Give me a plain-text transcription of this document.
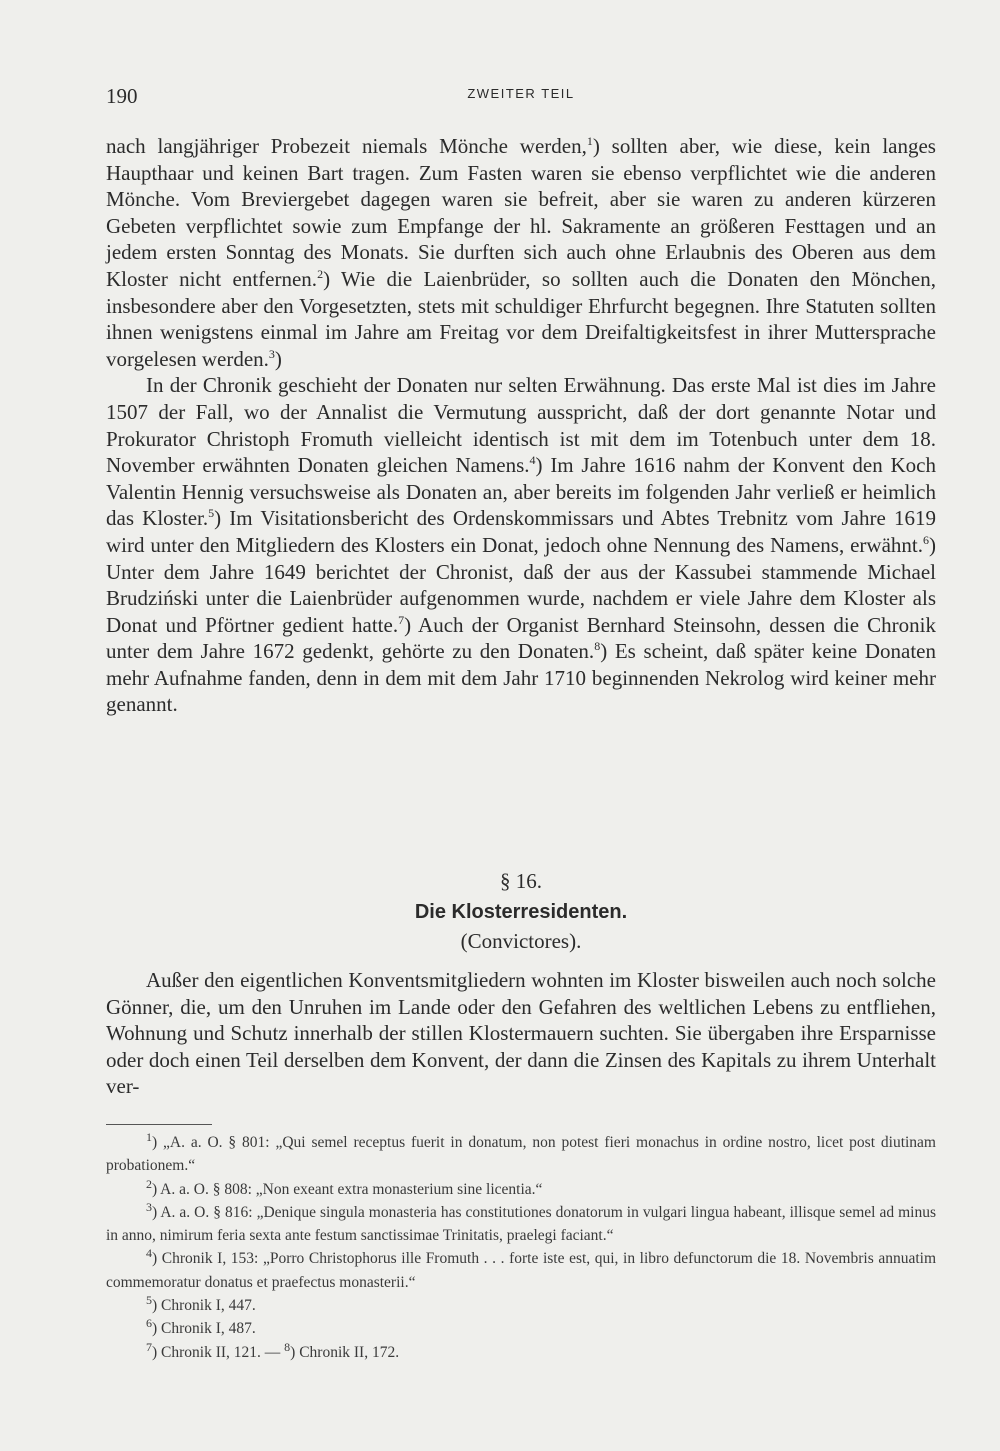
190	ZWEITER TEIL

nach langjähriger Probezeit niemals Mönche werden,$^1$) sollten aber, wie diese, kein langes Haupthaar und keinen Bart tragen. Zum Fasten waren sie ebenso verpflichtet wie die anderen Mönche. Vom Breviergebet dagegen waren sie befreit, aber sie waren zu anderen kürzeren Gebeten verpflichtet sowie zum Empfange der hl. Sakramente an größeren Festtagen und an jedem ersten Sonntag des Monats. Sie durften sich auch ohne Erlaubnis des Oberen aus dem Kloster nicht entfernen.$^2$) Wie die Laienbrüder, so sollten auch die Donaten den Mönchen, insbesondere aber den Vorgesetzten, stets mit schuldiger Ehrfurcht begegnen. Ihre Statuten sollten ihnen wenigstens einmal im Jahre am Freitag vor dem Dreifaltigkeitsfest in ihrer Muttersprache vorgelesen werden.$^3$)

In der Chronik geschieht der Donaten nur selten Erwähnung. Das erste Mal ist dies im Jahre 1507 der Fall, wo der Annalist die Vermutung ausspricht, daß der dort genannte Notar und Prokurator Christoph Fromuth vielleicht identisch ist mit dem im Totenbuch unter dem 18. November erwähnten Donaten gleichen Namens.$^4$) Im Jahre 1616 nahm der Konvent den Koch Valentin Hennig versuchsweise als Donaten an, aber bereits im folgenden Jahr verließ er heimlich das Kloster.$^5$) Im Visitationsbericht des Ordenskommissars und Abtes Trebnitz vom Jahre 1619 wird unter den Mitgliedern des Klosters ein Donat, jedoch ohne Nennung des Namens, erwähnt.$^6$) Unter dem Jahre 1649 berichtet der Chronist, daß der aus der Kassubei stammende Michael Brudziński unter die Laienbrüder aufgenommen wurde, nachdem er viele Jahre dem Kloster als Donat und Pförtner gedient hatte.$^7$) Auch der Organist Bernhard Steinsohn, dessen die Chronik unter dem Jahre 1672 gedenkt, gehörte zu den Donaten.$^8$) Es scheint, daß später keine Donaten mehr Aufnahme fanden, denn in dem mit dem Jahr 1710 beginnenden Nekrolog wird keiner mehr genannt.

§ 16.

Die Klosterresidenten.

(Convictores).

Außer den eigentlichen Konventsmitgliedern wohnten im Kloster bisweilen auch noch solche Gönner, die, um den Unruhen im Lande oder den Gefahren des weltlichen Lebens zu entfliehen, Wohnung und Schutz innerhalb der stillen Klostermauern suchten. Sie übergaben ihre Ersparnisse oder doch einen Teil derselben dem Konvent, der dann die Zinsen des Kapitals zu ihrem Unterhalt ver-

$^1$) „A. a. O. § 801: „Qui semel receptus fuerit in donatum, non potest fieri monachus in ordine nostro, licet post diutinam probationem.“

$^2$) A. a. O. § 808: „Non exeant extra monasterium sine licentia.“

$^3$) A. a. O. § 816: „Denique singula monasteria has constitutiones donatorum in vulgari lingua habeant, illisque semel ad minus in anno, nimirum feria sexta ante festum sanctissimae Trinitatis, praelegi faciant.“

$^4$) Chronik I, 153: „Porro Christophorus ille Fromuth . . . forte iste est, qui, in libro defunctorum die 18. Novembris annuatim commemoratur donatus et praefectus monasterii.“

$^5$) Chronik I, 447.

$^6$) Chronik I, 487.

$^7$) Chronik II, 121. — $^8$) Chronik II, 172.
